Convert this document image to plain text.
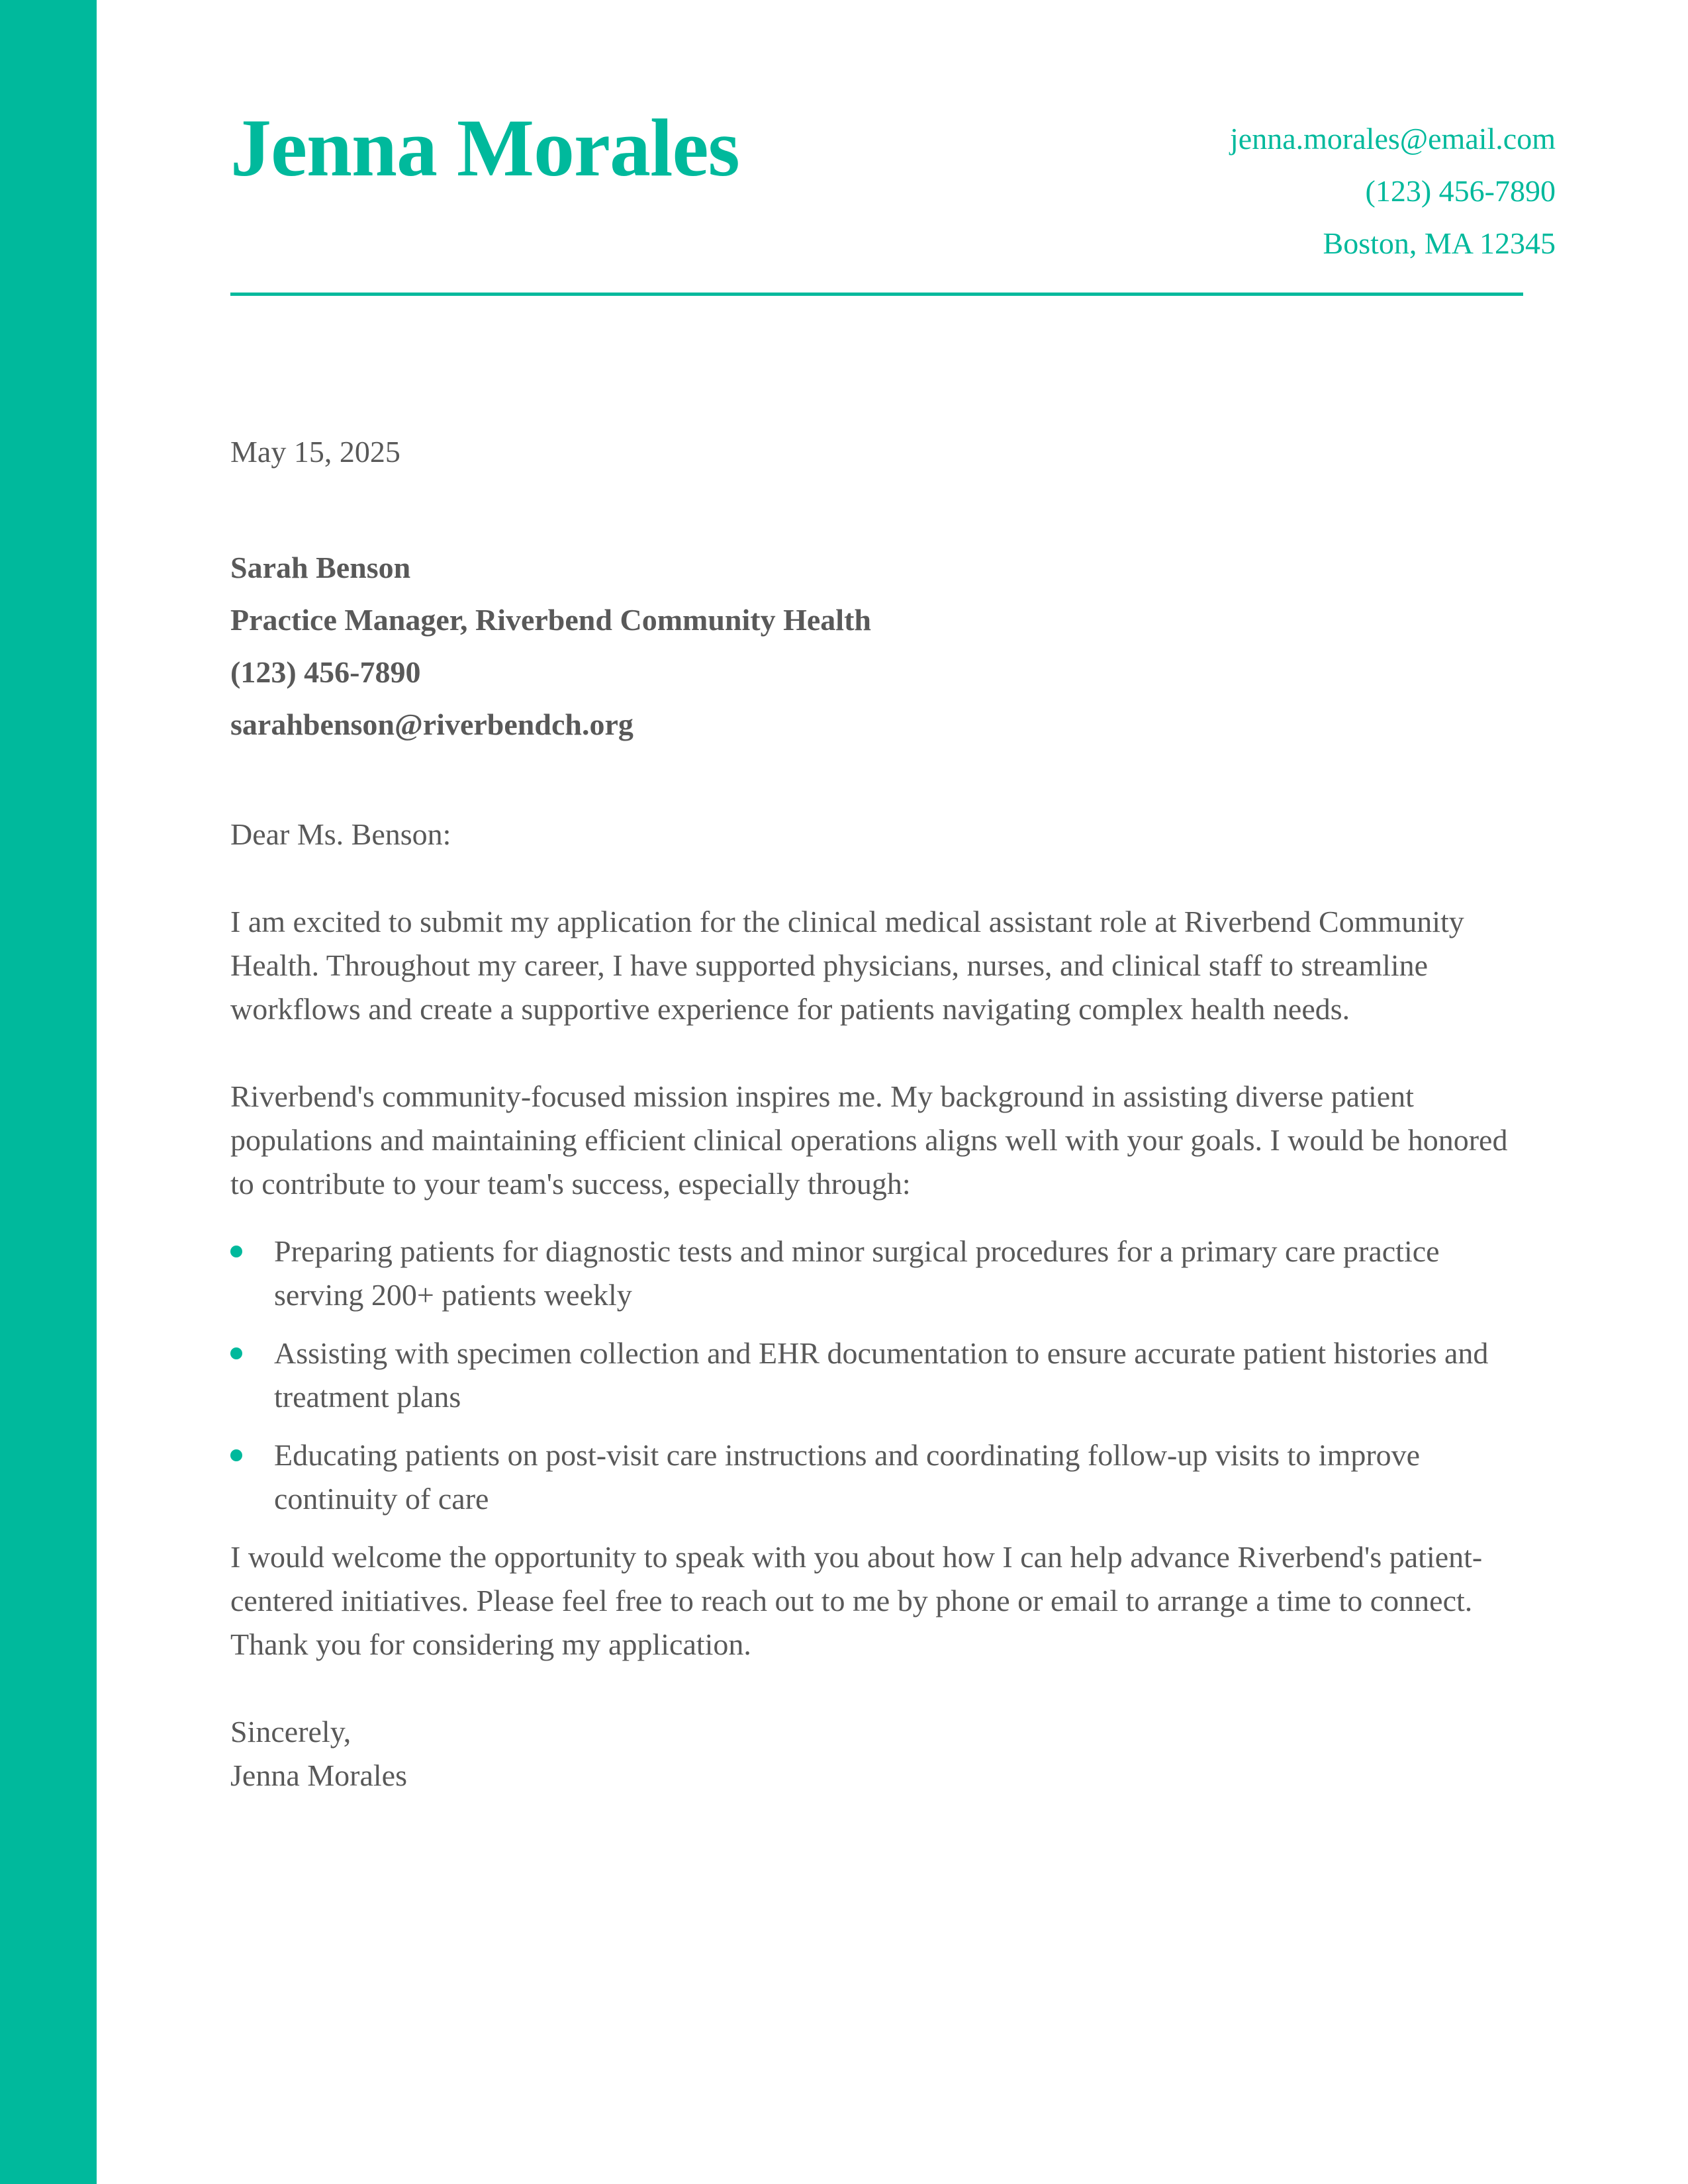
Jenna Morales	jenna.morales@email.com
(123) 456-7890
Boston, MA 12345
May 15, 2025
Sarah Benson
Practice Manager, Riverbend Community Health
(123) 456-7890
sarahbenson@riverbendch.org

Dear Ms. Benson:

I am excited to submit my application for the clinical medical assistant role at Riverbend Community Health. Throughout my career, I have supported physicians, nurses, and clinical staff to streamline workflows and create a supportive experience for patients navigating complex health needs.

Riverbend's community-focused mission inspires me. My background in assisting diverse patient populations and maintaining efficient clinical operations aligns well with your goals. I would be honored to contribute to your team's success, especially through:

Preparing patients for diagnostic tests and minor surgical procedures for a primary care practice serving 200+ patients weekly
Assisting with specimen collection and EHR documentation to ensure accurate patient histories and treatment plans
Educating patients on post-visit care instructions and coordinating follow-up visits to improve continuity of care

I would welcome the opportunity to speak with you about how I can help advance Riverbend's patient-centered initiatives. Please feel free to reach out to me by phone or email to arrange a time to connect. Thank you for considering my application.

Sincerely,

Jenna Morales
